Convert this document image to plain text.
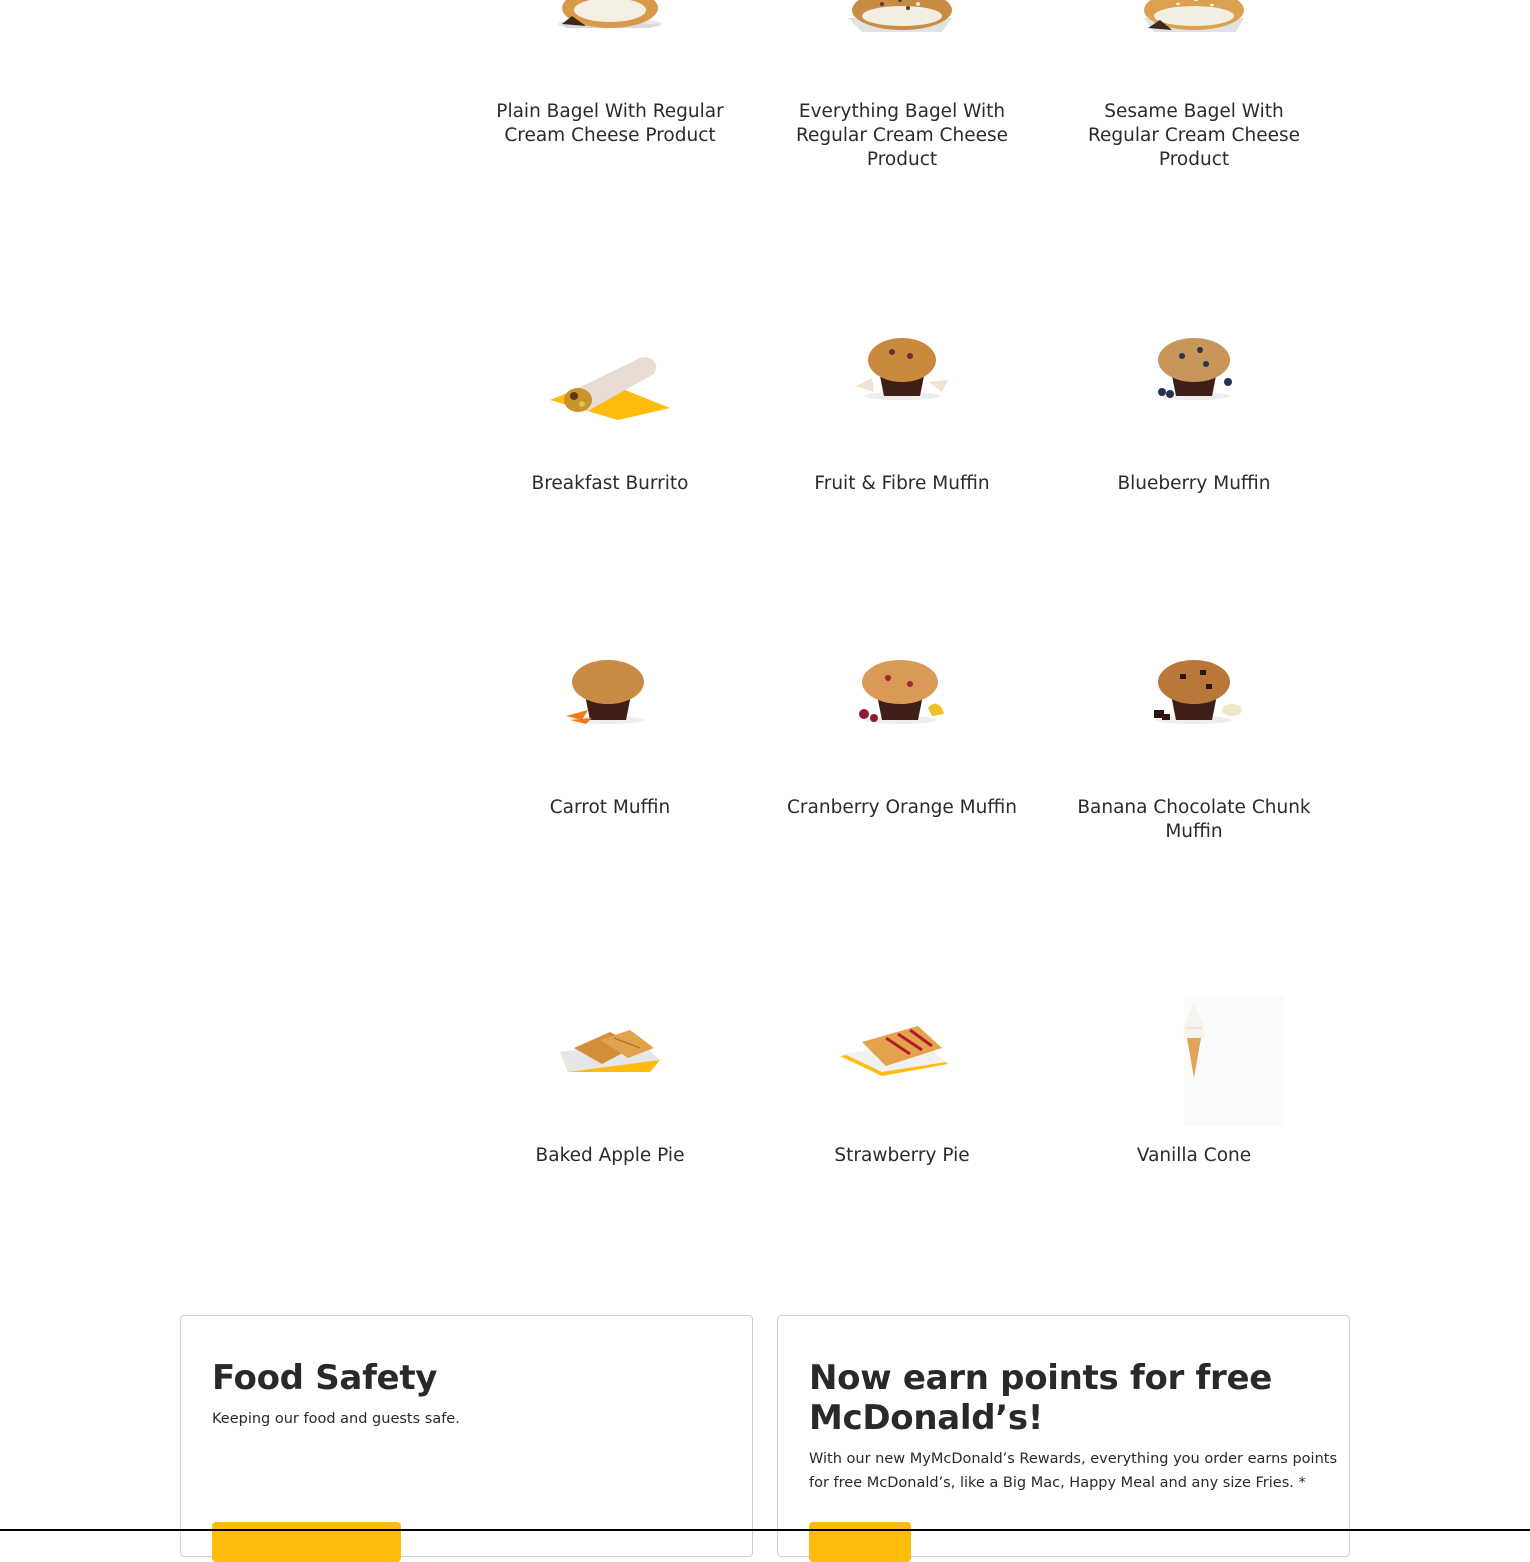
Plain Bagel With Regular Cream Cheese Product
Everything Bagel With Regular Cream Cheese Product
Sesame Bagel With Regular Cream Cheese Product
Breakfast Burrito	Fruit & Fibre Muffin	Blueberry Muffin
Carrot Muffin	Cranberry Orange Muffin	Banana Chocolate Chunk Muffin
Baked Apple Pie	Strawberry Pie	Vanilla Cone
Food Safety
Keeping our food and guests safe.
Now earn points for free
McDonald’s!
With our new MyMcDonald’s Rewards, everything you order earns points
for free McDonald’s, like a Big Mac, Happy Meal and any size Fries. *
